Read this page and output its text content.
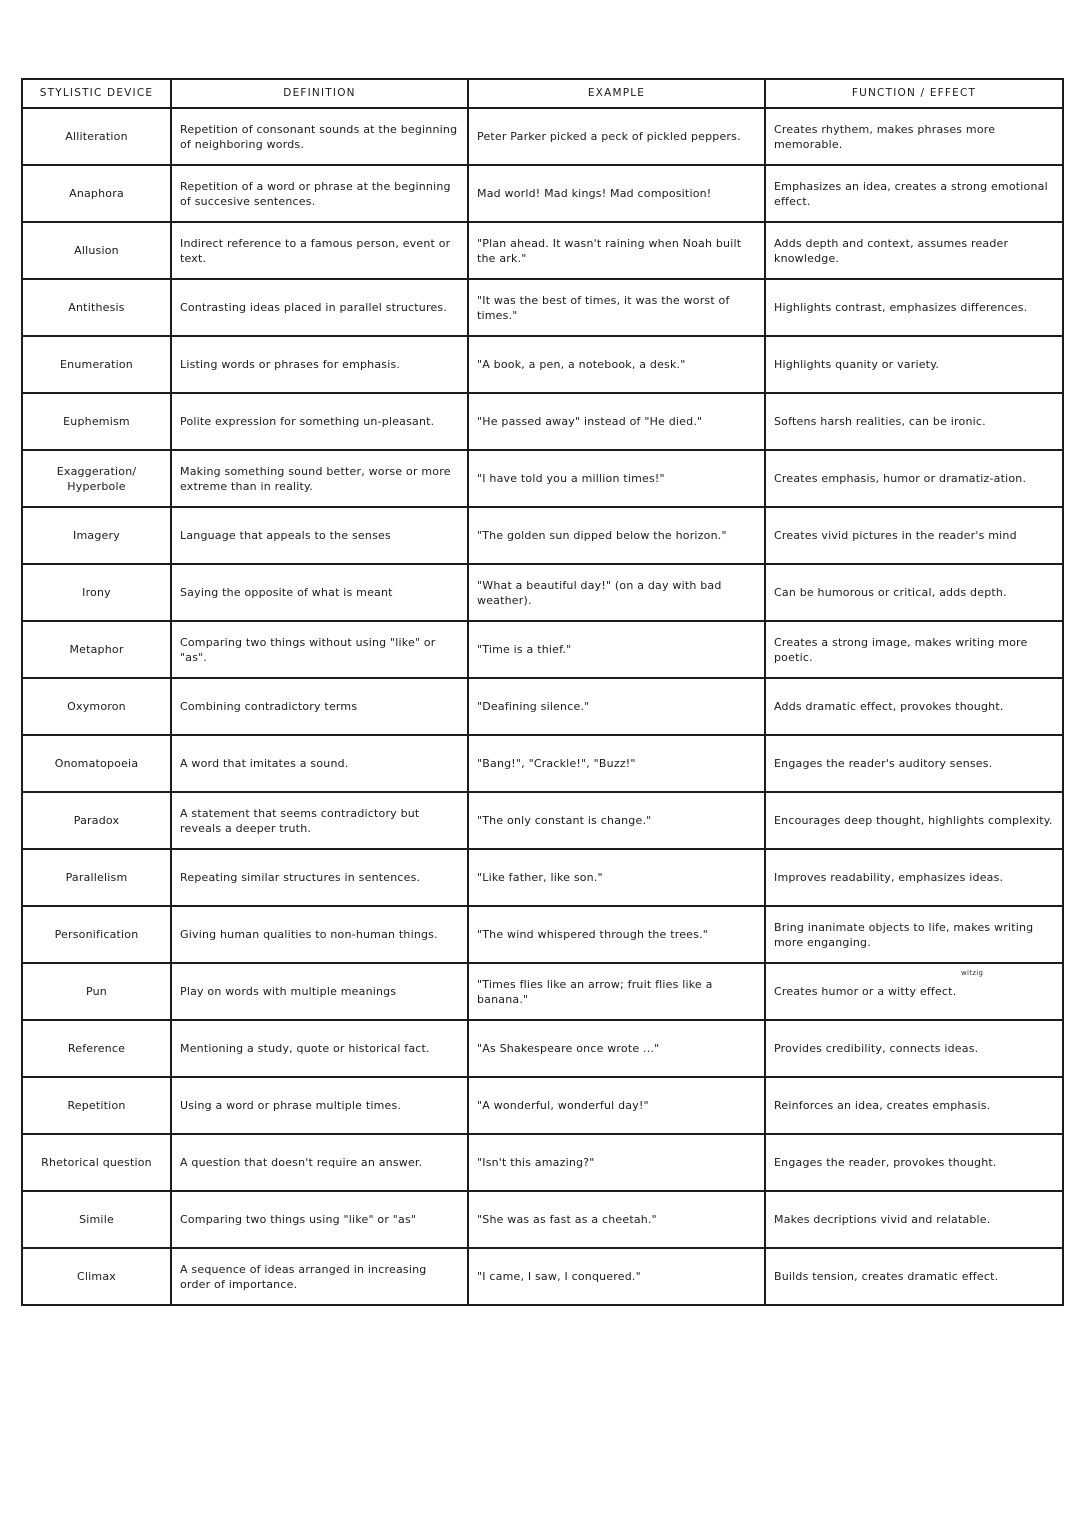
STYLISTIC DEVICE	DEFINITION	EXAMPLE	FUNCTION / EFFECT
Alliteration	Repetition of consonant sounds at the beginning of neighboring words.	Peter Parker picked a peck of pickled peppers.	Creates rhythem, makes phrases more memorable.
Anaphora	Repetition of a word or phrase at the beginning of succesive sentences.	Mad world! Mad kings! Mad composition!	Emphasizes an idea, creates a strong emotional effect.
Allusion	Indirect reference to a famous person, event or text.	"Plan ahead. It wasn't raining when Noah built the ark."	Adds depth and context, assumes reader knowledge.
Antithesis	Contrasting ideas placed in parallel structures.	"It was the best of times, it was the worst of times."	Highlights contrast, emphasizes differences.
Enumeration	Listing words or phrases for emphasis.	"A book, a pen, a notebook, a desk."	Highlights quanity or variety.
Euphemism	Polite expression for something un-pleasant.	"He passed away" instead of "He died."	Softens harsh realities, can be ironic.
Exaggeration/ Hyperbole	Making something sound better, worse or more extreme than in reality.	"I have told you a million times!"	Creates emphasis, humor or dramatiz-ation.
Imagery	Language that appeals to the senses	"The golden sun dipped below the horizon."	Creates vivid pictures in the reader's mind
Irony	Saying the opposite of what is meant	"What a beautiful day!" (on a day with bad weather).	Can be humorous or critical, adds depth.
Metaphor	Comparing two things without using "like" or "as".	"Time is a thief."	Creates a strong image, makes writing more poetic.
Oxymoron	Combining contradictory terms	"Deafining silence."	Adds dramatic effect, provokes thought.
Onomatopoeia	A word that imitates a sound.	"Bang!", "Crackle!", "Buzz!"	Engages the reader's auditory senses.
Paradox	A statement that seems contradictory but reveals a deeper truth.	"The only constant is change."	Encourages deep thought, highlights complexity.
Parallelism	Repeating similar structures in sentences.	"Like father, like son."	Improves readability, emphasizes ideas.
Personification	Giving human qualities to non-human things.	"The wind whispered through the trees."	Bring inanimate objects to life, makes writing more enganging.
Pun	Play on words with multiple meanings	"Times flies like an arrow; fruit flies like a banana."	Creates humor or a witty effect.
Reference	Mentioning a study, quote or historical fact.	"As Shakespeare once wrote ..."	Provides credibility, connects ideas.
Repetition	Using a word or phrase multiple times.	"A wonderful, wonderful day!"	Reinforces an idea, creates emphasis.
Rhetorical question	A question that doesn't require an answer.	"Isn't this amazing?"	Engages the reader, provokes thought.
Simile	Comparing two things using "like" or "as"	"She was as fast as a cheetah."	Makes decriptions vivid and relatable.
Climax	A sequence of ideas arranged in increasing order of importance.	"I came, I saw, I conquered."	Builds tension, creates dramatic effect.
witzig
